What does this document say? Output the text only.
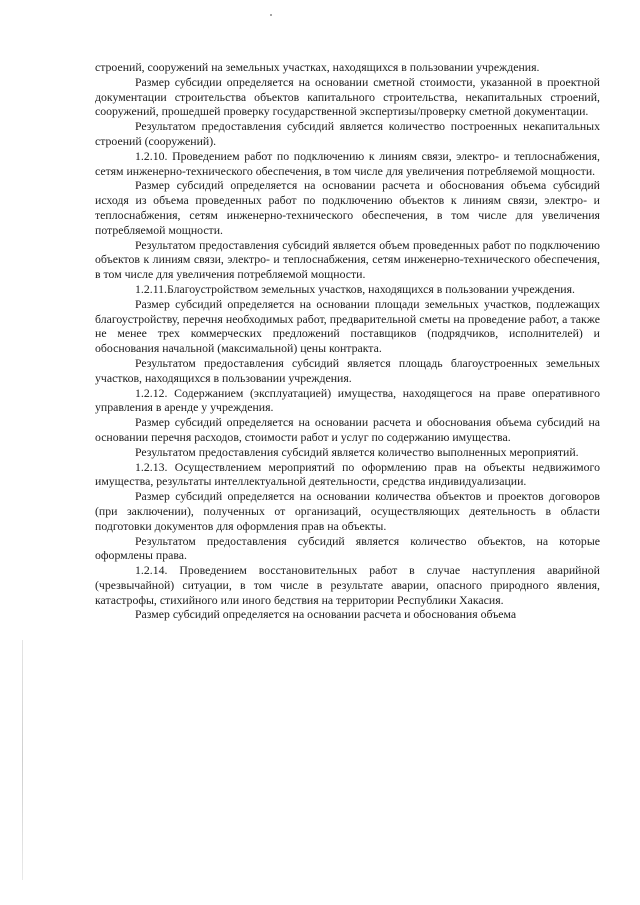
строений, сооружений на земельных участках, находящихся в пользовании учреждения.

Размер субсидии определяется на основании сметной стоимости, указанной в проектной документации строительства объектов капитального строительства, некапитальных строений, сооружений, прошедшей проверку государственной экспертизы/проверку сметной документации.

Результатом предоставления субсидий является количество построенных некапитальных строений (сооружений).

1.2.10. Проведением работ по подключению к линиям связи, электро- и теплоснабжения, сетям инженерно-технического обеспечения, в том числе для увеличения потребляемой мощности.

Размер субсидий определяется на основании расчета и обоснования объема субсидий исходя из объема проведенных работ по подключению объектов к линиям связи, электро- и теплоснабжения, сетям инженерно-технического обеспечения, в том числе для увеличения потребляемой мощности.

Результатом предоставления субсидий является объем проведенных работ по подключению объектов к линиям связи, электро- и теплоснабжения, сетям инженерно-технического обеспечения, в том числе для увеличения потребляемой мощности.

1.2.11.Благоустройством земельных участков, находящихся в пользовании учреждения.

Размер субсидий определяется на основании площади земельных участков, подлежащих благоустройству, перечня необходимых работ, предварительной сметы на проведение работ, а также не менее трех коммерческих предложений поставщиков (подрядчиков, исполнителей) и обоснования начальной (максимальной) цены контракта.

Результатом предоставления субсидий является площадь благоустроенных земельных участков, находящихся в пользовании учреждения.

1.2.12. Содержанием (эксплуатацией) имущества, находящегося на праве оперативного управления в аренде у учреждения.

Размер субсидий определяется на основании расчета и обоснования объема субсидий на основании перечня расходов, стоимости работ и услуг по содержанию имущества.

Результатом предоставления субсидий является количество выполненных мероприятий.

1.2.13. Осуществлением мероприятий по оформлению прав на объекты недвижимого имущества, результаты интеллектуальной деятельности, средства индивидуализации.

Размер субсидий определяется на основании количества объектов и проектов договоров (при заключении), полученных от организаций, осуществляющих деятельность в области подготовки документов для оформления прав на объекты.

Результатом предоставления субсидий является количество объектов, на которые оформлены права.

1.2.14. Проведением восстановительных работ в случае наступления аварийной (чрезвычайной) ситуации, в том числе в результате аварии, опасного природного явления, катастрофы, стихийного или иного бедствия на территории Республики Хакасия.

Размер субсидий определяется на основании расчета и обоснования объема
